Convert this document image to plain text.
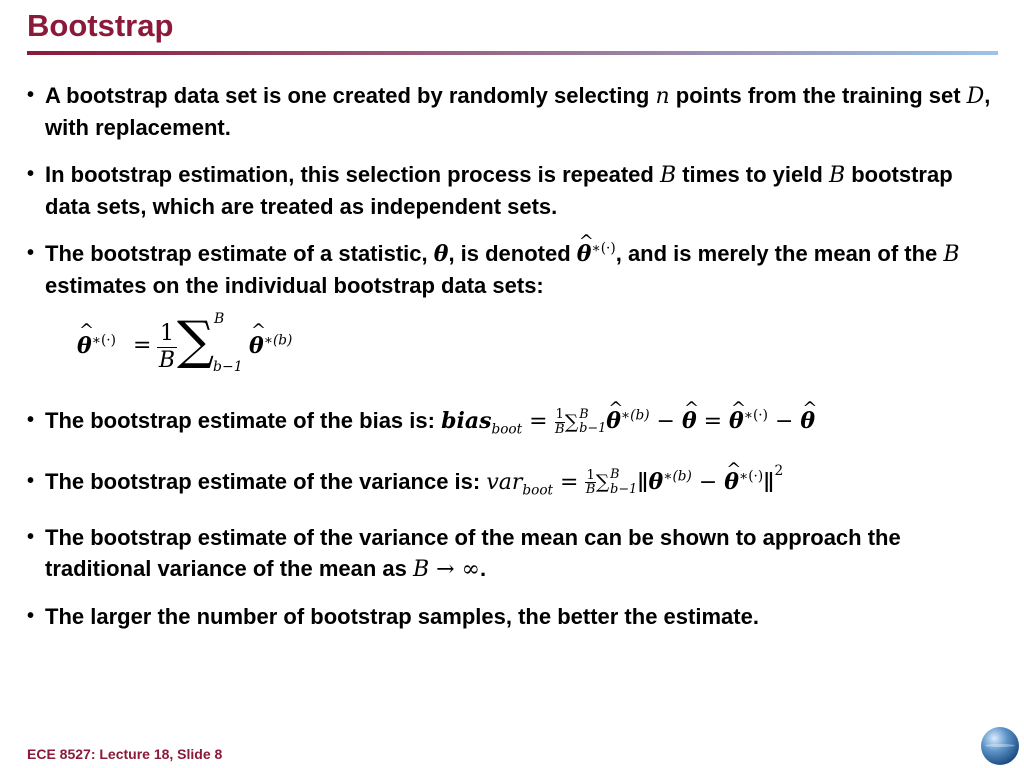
Bootstrap
• A bootstrap data set is one created by randomly selecting n points from the training set D, with replacement.
• In bootstrap estimation, this selection process is repeated B times to yield B bootstrap data sets, which are treated as independent sets.
• The bootstrap estimate of a statistic, θ, is denoted ^ θ∗(·), and is merely the mean of the B estimates on the individual bootstrap data sets:
^ θ∗(·) = 1
B ∑ B
b−1
^ $\theta^{∗(b)}$
• The bootstrap estimate of the bias is: bias$_{boot}$ = $\frac{1}{B}$ ∑ B
b−1 ^ $\theta^{∗(b)}$ − ^ θ = ^ θ∗(·) − ^ θ
• The bootstrap estimate of the variance is: $var_{boot} = \frac{1}{B}$ ∑ B
b−1 $‖\theta^{∗(b)}$ − ^ θ∗(·)‖$^2$
• The bootstrap estimate of the variance of the mean can be shown to approach the traditional variance of the mean as B → ∞.
• The larger the number of bootstrap samples, the better the estimate.
ECE 8527: Lecture 18, Slide 8
